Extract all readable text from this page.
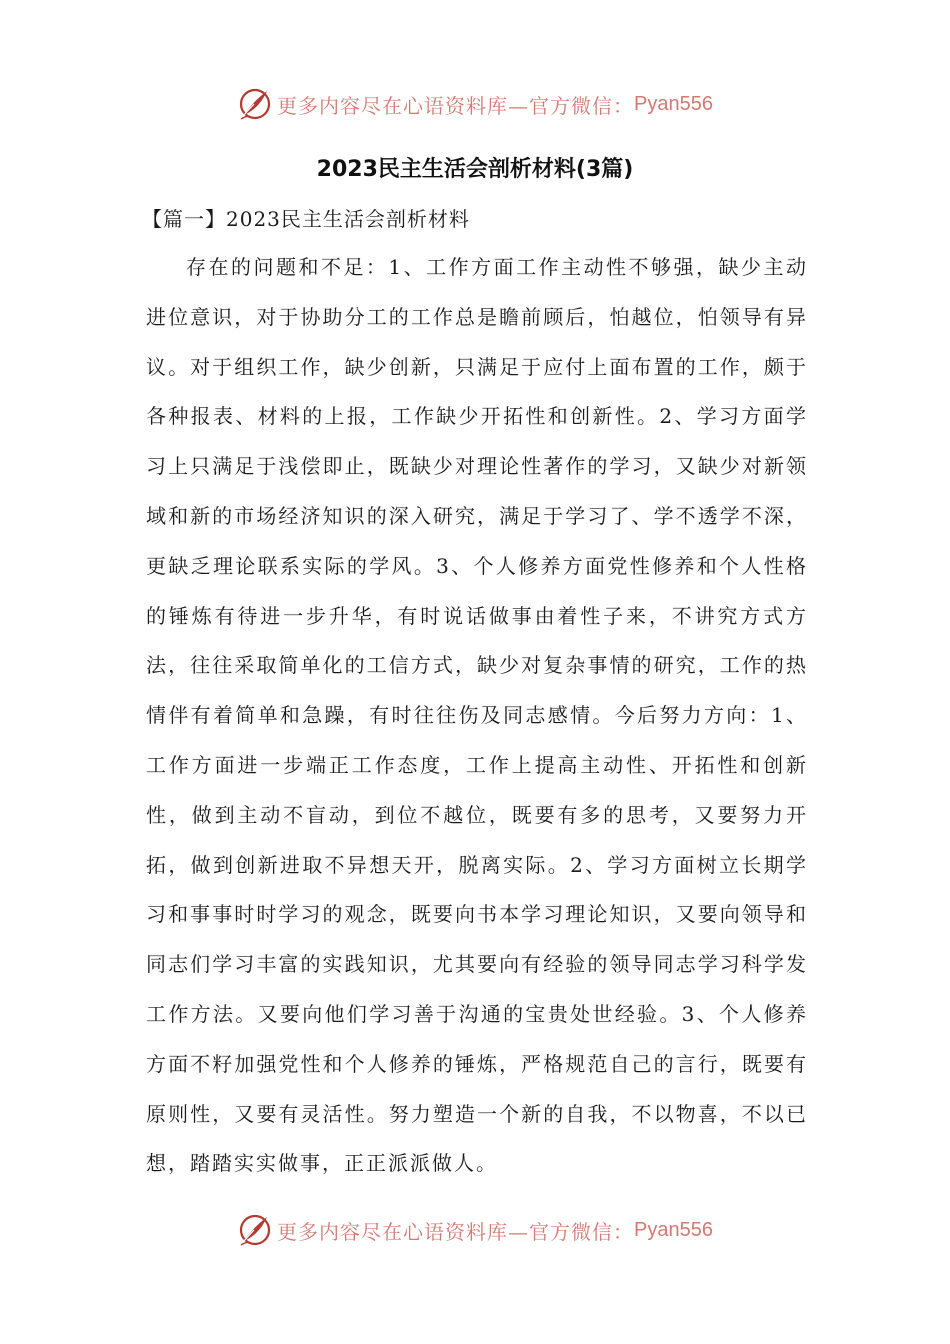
更多内容尽在心语资料库—官方微信： Pyan556
2023民主生活会剖析材料(3篇)
【篇一】2023民主生活会剖析材料

存在的问题和不足：1、工作方面工作主动性不够强，缺少主动进位意识，对于协助分工的工作总是瞻前顾后，怕越位，怕领导有异议。对于组织工作，缺少创新，只满足于应付上面布置的工作，颇于各种报表、材料的上报，工作缺少开拓性和创新性。2、学习方面学习上只满足于浅偿即止，既缺少对理论性著作的学习，又缺少对新领域和新的市场经济知识的深入研究，满足于学习了、学不透学不深，更缺乏理论联系实际的学风。3、个人修养方面党性修养和个人性格的锤炼有待进一步升华，有时说话做事由着性子来，不讲究方式方法，往往采取简单化的工信方式，缺少对复杂事情的研究，工作的热情伴有着简单和急躁，有时往往伤及同志感情。今后努力方向：1、工作方面进一步端正工作态度，工作上提高主动性、开拓性和创新性，做到主动不盲动，到位不越位，既要有多的思考，又要努力开拓，做到创新进取不异想天开，脱离实际。2、学习方面树立长期学习和事事时时学习的观念，既要向书本学习理论知识，又要向领导和同志们学习丰富的实践知识，尤其要向有经验的领导同志学习科学发工作方法。又要向他们学习善于沟通的宝贵处世经验。3、个人修养方面不籽加强党性和个人修养的锤炼，严格规范自己的言行，既要有原则性，又要有灵活性。努力塑造一个新的自我，不以物喜，不以已想，踏踏实实做事，正正派派做人。

更多内容尽在心语资料库—官方微信： Pyan556
